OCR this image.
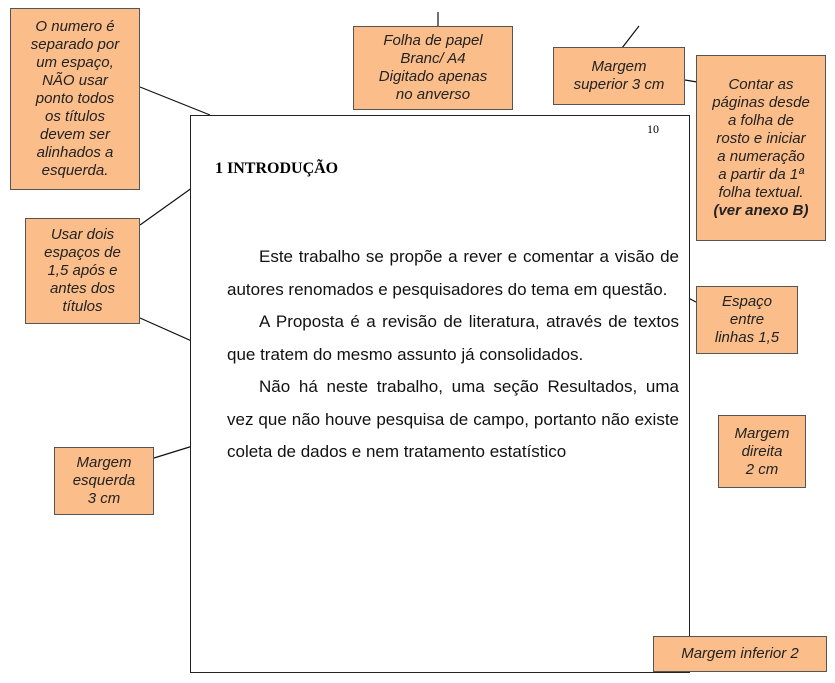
10
1 INTRODUÇÃO

Este trabalho se propõe a rever e comentar a visão de autores renomados e pesquisadores do tema em questão.

A Proposta é a revisão de literatura, através de textos que tratem do mesmo assunto já consolidados.

Não há neste trabalho, uma seção Resultados, uma vez que não houve pesquisa de campo, portanto não existe coleta de dados e nem tratamento estatístico

O numero é
separado por
um espaço,
NÃO usar
ponto todos
os títulos
devem ser
alinhados a
esquerda.
Folha de papel
Branc/ A4
Digitado apenas
no anverso
Margem
superior 3 cm	Contar as
páginas desde
a folha de
rosto e iniciar
a numeração
a partir da 1ª
folha textual.
(ver anexo B)
Usar dois
espaços de
1,5 após e
antes dos
títulos	Espaço
entre
linhas 1,5
Margem
esquerda
3 cm
Margem
direita
2 cm
Margem inferior 2
